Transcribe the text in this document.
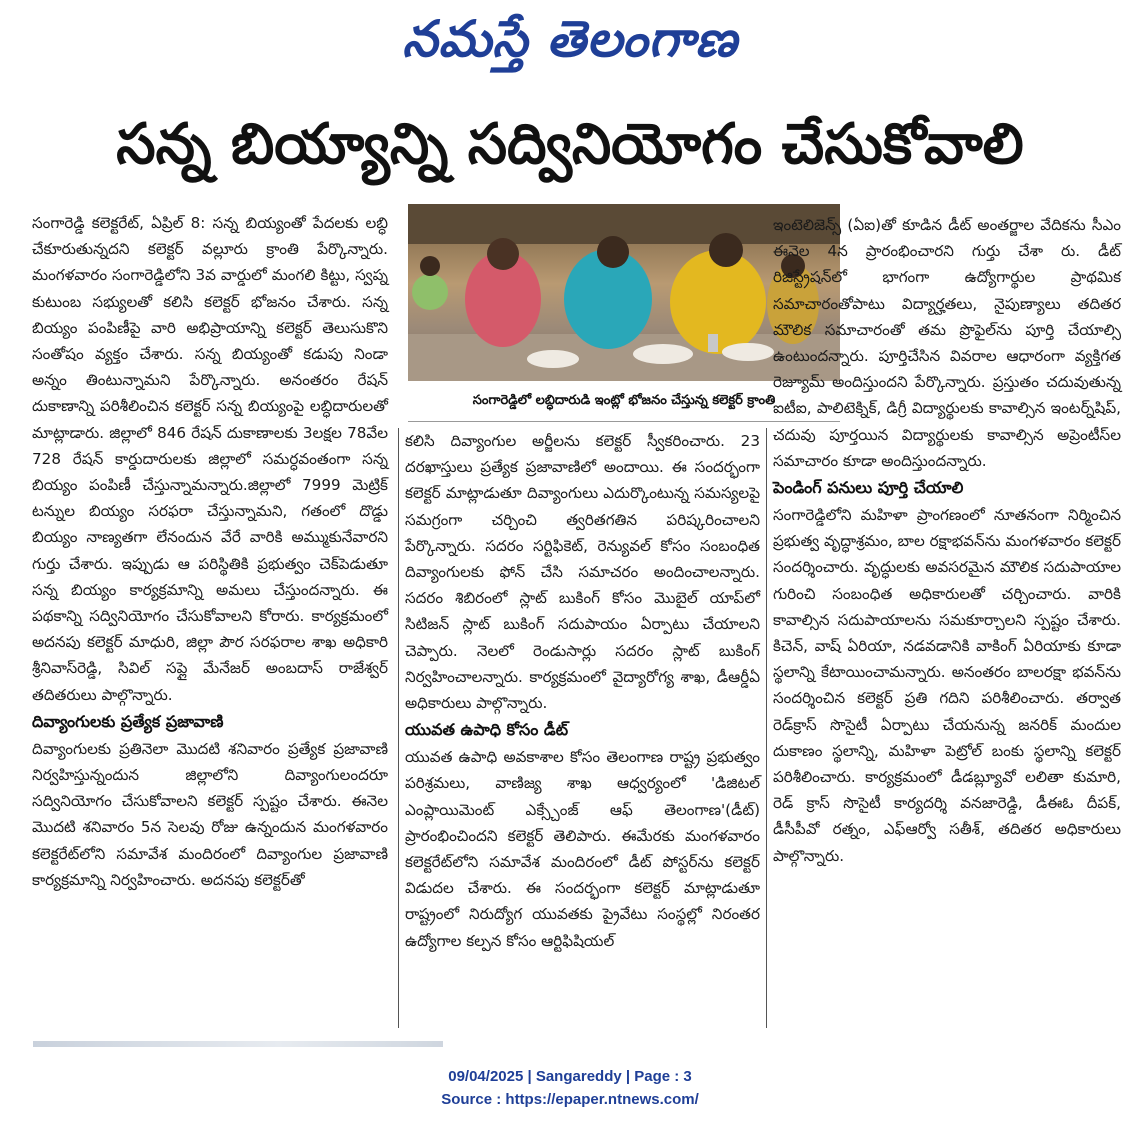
నమస్తే తెలంగాణ
సన్న బియ్యాన్ని సద్వినియోగం చేసుకోవాలి
సంగారెడ్డిలో లబ్ధిదారుడి ఇంట్లో భోజనం చేస్తున్న కలెక్టర్ క్రాంతి

సంగారెడ్డి కలెక్టరేట్, ఏప్రిల్ 8: సన్న బియ్యంతో పేదలకు లబ్ధి చేకూరుతున్నదని కలెక్టర్ వల్లూరు క్రాంతి పేర్కొన్నారు. మంగళవారం సంగారెడ్డిలోని 3వ వార్డులో మంగలి కిట్టు, స్వప్న కుటుంబ సభ్యులతో కలిసి కలెక్టర్ భోజనం చేశారు. సన్న బియ్యం పంపిణీపై వారి అభిప్రాయాన్ని కలెక్టర్ తెలుసుకొని సంతోషం వ్యక్తం చేశారు. సన్న బియ్యంతో కడుపు నిండా అన్నం తింటున్నామని పేర్కొన్నారు. అనంతరం రేషన్ దుకాణాన్ని పరిశీలించిన కలెక్టర్ సన్న బియ్యంపై లబ్ధిదారులతో మాట్లాడారు. జిల్లాలో 846 రేషన్ దుకాణాలకు 3లక్షల 78వేల 728 రేషన్ కార్డుదారులకు జిల్లాలో సమర్ధవంతంగా సన్న బియ్యం పంపిణీ చేస్తున్నామన్నారు.జిల్లాలో 7999 మెట్రిక్ టన్నుల బియ్యం సరఫరా చేస్తున్నామని, గతంలో దొడ్డు బియ్యం నాణ్యతగా లేనందున వేరే వారికి అమ్ముకునేవారని గుర్తు చేశారు. ఇప్పుడు ఆ పరిస్థితికి ప్రభుత్వం చెక్‌పెడుతూ సన్న బియ్యం కార్యక్రమాన్ని అమలు చేస్తుందన్నారు. ఈ పథకాన్ని సద్వినియోగం చేసుకోవాలని కోరారు. కార్యక్రమంలో అదనపు కలెక్టర్ మాధురి, జిల్లా పౌర సరఫరాల శాఖ అధికారి శ్రీనివాస్‌రెడ్డి, సివిల్ సప్లై మేనేజర్ అంబదాస్ రాజేశ్వర్ తదితరులు పాల్గొన్నారు.

దివ్యాంగులకు ప్రత్యేక ప్రజావాణి

దివ్యాంగులకు ప్రతినెలా మొదటి శనివారం ప్రత్యేక ప్రజావాణి నిర్వహిస్తున్నందున జిల్లాలోని దివ్యాంగులందరూ సద్వినియోగం చేసుకోవాలని కలెక్టర్ స్పష్టం చేశారు. ఈనెల మొదటి శనివారం 5న సెలవు రోజు ఉన్నందున మంగళవారం కలెక్టరేట్‌లోని సమావేశ మందిరంలో దివ్యాంగుల ప్రజావాణి కార్యక్రమాన్ని నిర్వహించారు. అదనపు కలెక్టర్‌తో

కలిసి దివ్యాంగుల అర్జీలను కలెక్టర్ స్వీకరించారు. 23 దరఖాస్తులు ప్రత్యేక ప్రజావాణిలో అందాయి. ఈ సందర్భంగా కలెక్టర్ మాట్లాడుతూ దివ్యాంగులు ఎదుర్కొంటున్న సమస్యలపై సమగ్రంగా చర్చించి త్వరితగతిన పరిష్కరించాలని పేర్కొన్నారు. సదరం సర్టిఫికెట్, రెన్యువల్ కోసం సంబంధిత దివ్యాంగులకు ఫోన్ చేసి సమాచరం అందించాలన్నారు. సదరం శిబిరంలో స్లాట్ బుకింగ్ కోసం మొబైల్ యాప్‌లో సిటిజన్ స్లాట్ బుకింగ్ సదుపాయం ఏర్పాటు చేయాలని చెప్పారు. నెలలో రెండుసార్లు సదరం స్లాట్ బుకింగ్ నిర్వహించాలన్నారు. కార్యక్రమంలో వైద్యారోగ్య శాఖ, డీఆర్డీఏ అధికారులు పాల్గొన్నారు.

యువత ఉపాధి కోసం డీట్

యువత ఉపాధి అవకాశాల కోసం తెలంగాణ రాష్ట్ర ప్రభుత్వం పరిశ్రమలు, వాణిజ్య శాఖ ఆధ్వర్యంలో 'డిజిటల్ ఎంప్లాయిమెంట్ ఎక్స్చేంజ్ ఆఫ్ తెలంగాణ'(డీట్) ప్రారంభించిందని కలెక్టర్ తెలిపారు. ఈమేరకు మంగళవారం కలెక్టరేట్‌లోని సమావేశ మందిరంలో డీట్ పోస్టర్‌ను కలెక్టర్ విడుదల చేశారు. ఈ సందర్భంగా కలెక్టర్ మాట్లాడుతూ రాష్ట్రంలో నిరుద్యోగ యువతకు ప్రైవేటు సంస్థల్లో నిరంతర ఉద్యోగాల కల్పన కోసం ఆర్టిఫిషియల్

ఇంటెలిజెన్స్ (ఏఐ)తో కూడిన డీట్ అంతర్జాల వేదికను సీఎం ఈనెల 4న ప్రారంభించారని గుర్తు చేశా రు. డీట్ రిజిస్ట్రేషన్‌లో భాగంగా ఉద్యోగార్థుల ప్రాథమిక సమాచారంతోపాటు విద్యార్హతలు, నైపుణ్యాలు తదితర మౌలిక సమాచారంతో తమ ప్రొఫైల్‌ను పూర్తి చేయాల్సి ఉంటుందన్నారు. పూర్తిచేసిన వివరాల ఆధారంగా వ్యక్తిగత రెజ్యూమ్ అందిస్తుందని పేర్కొన్నారు. ప్రస్తుతం చదువుతున్న ఐటీఐ, పాలిటెక్నిక్, డిగ్రీ విద్యార్థులకు కావాల్సిన ఇంటర్న్‌షిప్, చదువు పూర్తయిన విద్యార్థులకు కావాల్సిన అప్రెంటీస్‌ల సమాచారం కూడా అందిస్తుందన్నారు.

పెండింగ్ పనులు పూర్తి చేయాలి

సంగారెడ్డిలోని మహిళా ప్రాంగణంలో నూతనంగా నిర్మించిన ప్రభుత్వ వృద్ధాశ్రమం, బాల రక్షాభవన్‌ను మంగళవారం కలెక్టర్ సందర్శించారు. వృద్ధులకు అవసరమైన మౌలిక సదుపాయాల గురించి సంబంధిత అధికారులతో చర్చించారు. వారికి కావాల్సిన సదుపాయాలను సమకూర్చాలని స్పష్టం చేశారు. కిచెన్, వాష్ ఏరియా, నడవడానికి వాకింగ్ ఏరియాకు కూడా స్థలాన్ని కేటాయించామన్నారు. అనంతరం బాలరక్షా భవన్‌ను సందర్శించిన కలెక్టర్ ప్రతి గదిని పరిశీలించారు. తర్వాత రెడ్‌క్రాస్ సొసైటీ ఏర్పాటు చేయనున్న జనరిక్ మందుల దుకాణం స్థలాన్ని, మహిళా పెట్రోల్ బంకు స్థలాన్ని కలెక్టర్ పరిశీలించారు. కార్యక్రమంలో డీడబ్ల్యూవో లలితా కుమారి, రెడ్ క్రాస్ సొసైటీ కార్యదర్శి వనజారెడ్డి, డీఈఓ దీపక్, డీసీపీవో రత్నం, ఎఫ్ఆర్వో సతీశ్, తదితర అధికారులు పాల్గొన్నారు.

09/04/2025 | Sangareddy | Page : 3
Source : https://epaper.ntnews.com/
